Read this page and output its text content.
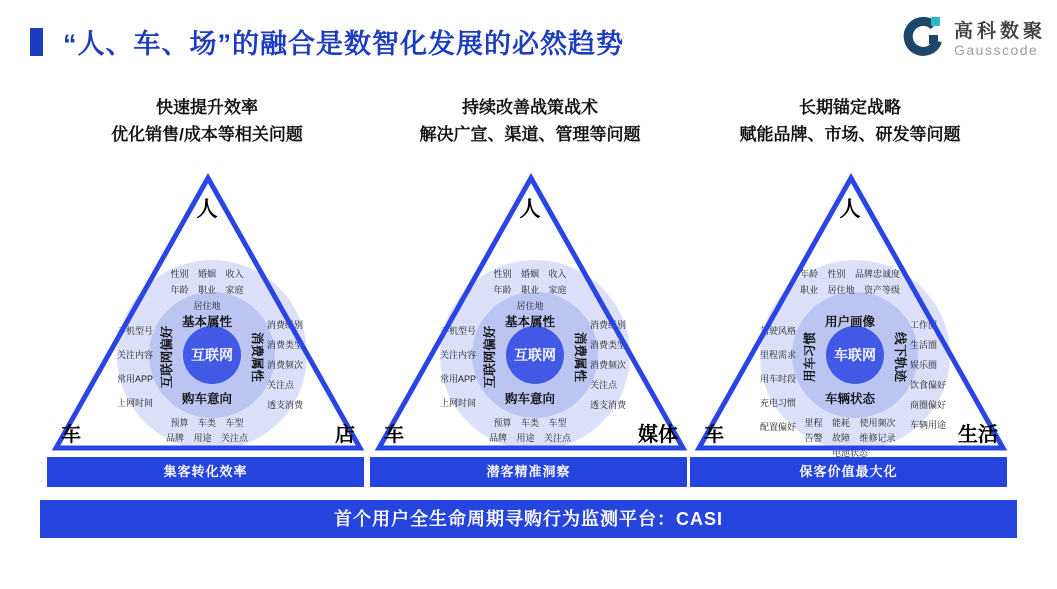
“人、车、场”的融合是数智化发展的必然趋势	高科数聚
Gausscode
快速提升效率
优化销售/成本等相关问题
互联网
人
车	店
基本属性
购车意向
互联网偏好	消费属性
性别 婚姻 收入
年龄 职业 家庭
居住地
手机型号
关注内容
常用APP
上网时间
消费级别
消费类型
消费频次
关注点
透支消费
预算 车类 车型
品牌 用途 关注点
集客转化效率
持续改善战策战术
解决广宣、渠道、管理等问题
互联网
人
车	媒体
基本属性
购车意向
互联网偏好	消费属性
性别 婚姻 收入
年龄 职业 家庭
居住地
手机型号
关注内容
常用APP
上网时间
消费级别
消费类型
消费频次
关注点
透支消费
预算 车类 车型
品牌 用途 关注点
潜客精准洞察
长期锚定战略
赋能品牌、市场、研发等问题
车联网
人
车	生活
用户画像
车辆状态
用车习惯	线下轨迹
年龄 性别 品牌忠诚度
职业 居住地 资产等级
驾驶风格
里程需求
用车时段
充电习惯
配置偏好
工作圈
生活圈
娱乐圈
饮食偏好
商圈偏好
车辆用途
里程 能耗 使用频次
告警 故障 维修记录
电池状态
保客价值最大化
首个用户全生命周期寻购行为监测平台：CASI
